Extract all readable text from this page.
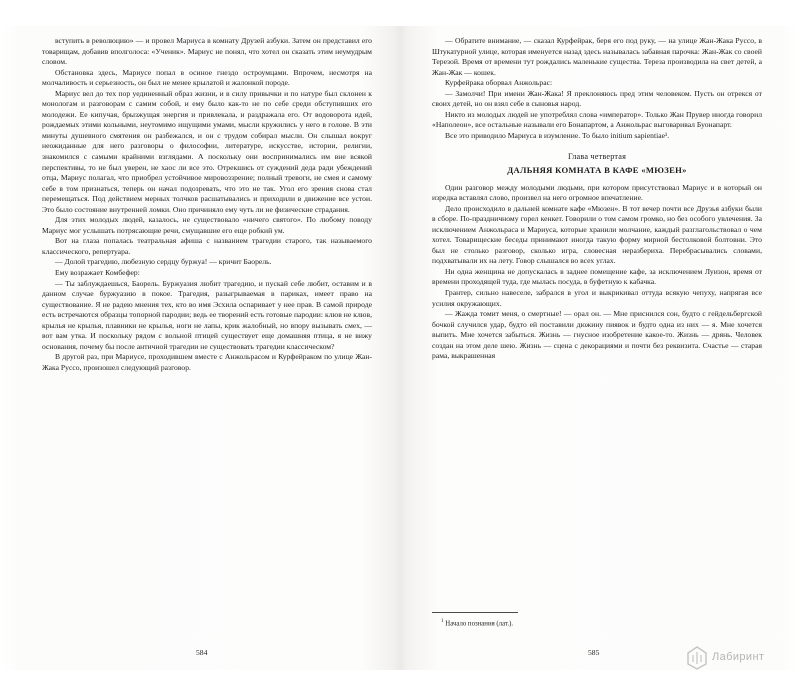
вступить в революцию» — и провел Мариуса в комнату Друзей азбуки. Затем он представил его товарищам, добавив вполголоса: «Ученик». Мариус не понял, что хотел он сказать этим неумудрым словом.

Обстановка здесь, Мариусе попал в осиное гнездо остроумцами. Впрочем, несмотря на молчаливость и серьезность, он был не менее крылатой и жалонкой породе.

Мариус вел до тех пор уединенный образ жизни, и в силу привычки и по натуре был склонен к монологам и разговорам с самим собой, и ему было как-то не по себе среди обступивших его молодежи. Ее кипучая, брызжущая энергия и привлекала, и раздражала его. От водоворота идей, рождаемых этими кольными, неутомимо ищущими умами, мысли кружились у него в голове. В эти минуты душевного смятения он разбежался, и он с трудом собирал мысли. Он слышал вокруг неожиданные для него разговоры о философии, литературе, искусстве, истории, религии, знакомился с самыми крайними взглядами. А поскольку они воспринимались им вне всякой перспективы, то не был уверен, не хаос ли все это. Отрекшись от суждений деда ради убеждений отца, Мариус полагал, что приобрел устойчивое мировоззрение; полный тревоги, не смея и самому себе в том признаться, теперь он начал подозревать, что это не так. Угол его зрения снова стал перемещаться. Под действием мерных толчков расшатывались и приходили в движение все устои. Это было состояние внутренней ломки. Оно причиняло ему чуть ли не физические страдания.

Для этих молодых людей, казалось, не существовало «ничего святого». По любому поводу Мариус мог услышать потрясающие речи, смущавшие его еще робкий ум.

Вот на глаза попалась театральная афиша с названием трагедии старого, так называемого классического, репертуара.

— Долой трагедию, любезную сердцу буржуа! — кричит Баорель.

Ему возражает Комбефер:

— Ты заблуждаешься, Баорель. Буржуазия любит трагедию, и пускай себе любит, оставим и в данном случае буржуазию в покое. Трагедия, разыгрываемая в париках, имеет право на существование. Я не радею мнения тех, кто во имя Эсхила оспаривает у нее прав. В самой природе есть встречаются образцы топорной пародии; ведь ее творений есть готовые пародии: клюв не клюв, крылья не крылья, плавники не крылья, ноги не лапы, крик жалобный, но впору вызывать смех, — вот вам утка. И поскольку рядом с вольной птицей существует еще домашняя птица, я не вижу основания, почему бы после античной трагедии не существовать трагедии классическом?

В другой раз, при Мариусе, проходившем вместе с Анжольрасом и Курфейраком по улице Жан-Жака Руссо, произошел следующий разговор.

584

— Обратите внимание, — сказал Курфейрак, беря его под руку, — на улице Жан-Жака Руссо, в Штукатурной улице, которая именуется назад здесь называлась забавная парочка: Жан-Жак со своей Терезой. Время от времени тут рождались маленькие существа. Тереза производила на свет детей, а Жан-Жак — кошек.

Курфейрака оборвал Анжольрас:

— Замолчи! При имени Жан-Жака! Я преклоняюсь пред этим человеком. Пусть он отрекся от своих детей, но он взял себе в сыновья народ.

Никто из молодых людей не употреблял слова «император». Только Жан Прувер иногда говорил «Наполеон», все остальные называли его Бонапартом, а Анжольрас выговаривал Буонапарт.

Все это приводило Мариуса в изумление. То было initium sapientiae¹.

Глава четвертая
ДАЛЬНЯЯ КОМНАТА В КАФЕ «МЮЗЕН»

Один разговор между молодыми людьми, при котором присутствовал Мариус и в который он изредка вставлял слово, произвел на него огромное впечатление.

Дело происходило в дальней комнате кафе «Мюзен». В тот вечер почти все Друзья азбуки были в сборе. По-праздничному горел кенкет. Говорили о том самом громко, но без особого увлечения. За исключением Анжольраса и Мариуса, которые хранили молчание, каждый разглагольствовал о чем хотел. Товарищеские беседы принимают иногда такую форму мирной бестолковой болтовни. Это был не столько разговор, сколько игра, словесная неразбериха. Перебрасывались словами, подхватывали их на лету. Говор слышался во всех углах.

Ни одна женщина не допускалась в заднее помещение кафе, за исключением Луизон, время от времени проходящей туда, где мылась посуда, в буфетную к кабачка.

Грантер, сильно навеселе, забрался в угол и выкрикивал оттуда всякую чепуху, напрягая все усилия окружающих.

— Жажда томит меня, о смертные! — орал он. — Мне приснился сон, будто с гейдельбергской бочкой случился удар, будто ей поставили дюжину пиявок и будто одна из них — я. Мне хочется выпить. Мне хочется забыться. Жизнь — гнусное изобретение какое-то. Жизнь — дрянь. Человек создан на этом деле шею. Жизнь — сцена с декорациями и почти без реквизита. Счастье — старая рама, выкрашенная

$^1$ Начало познания (лат.).
585	Лабиринт
